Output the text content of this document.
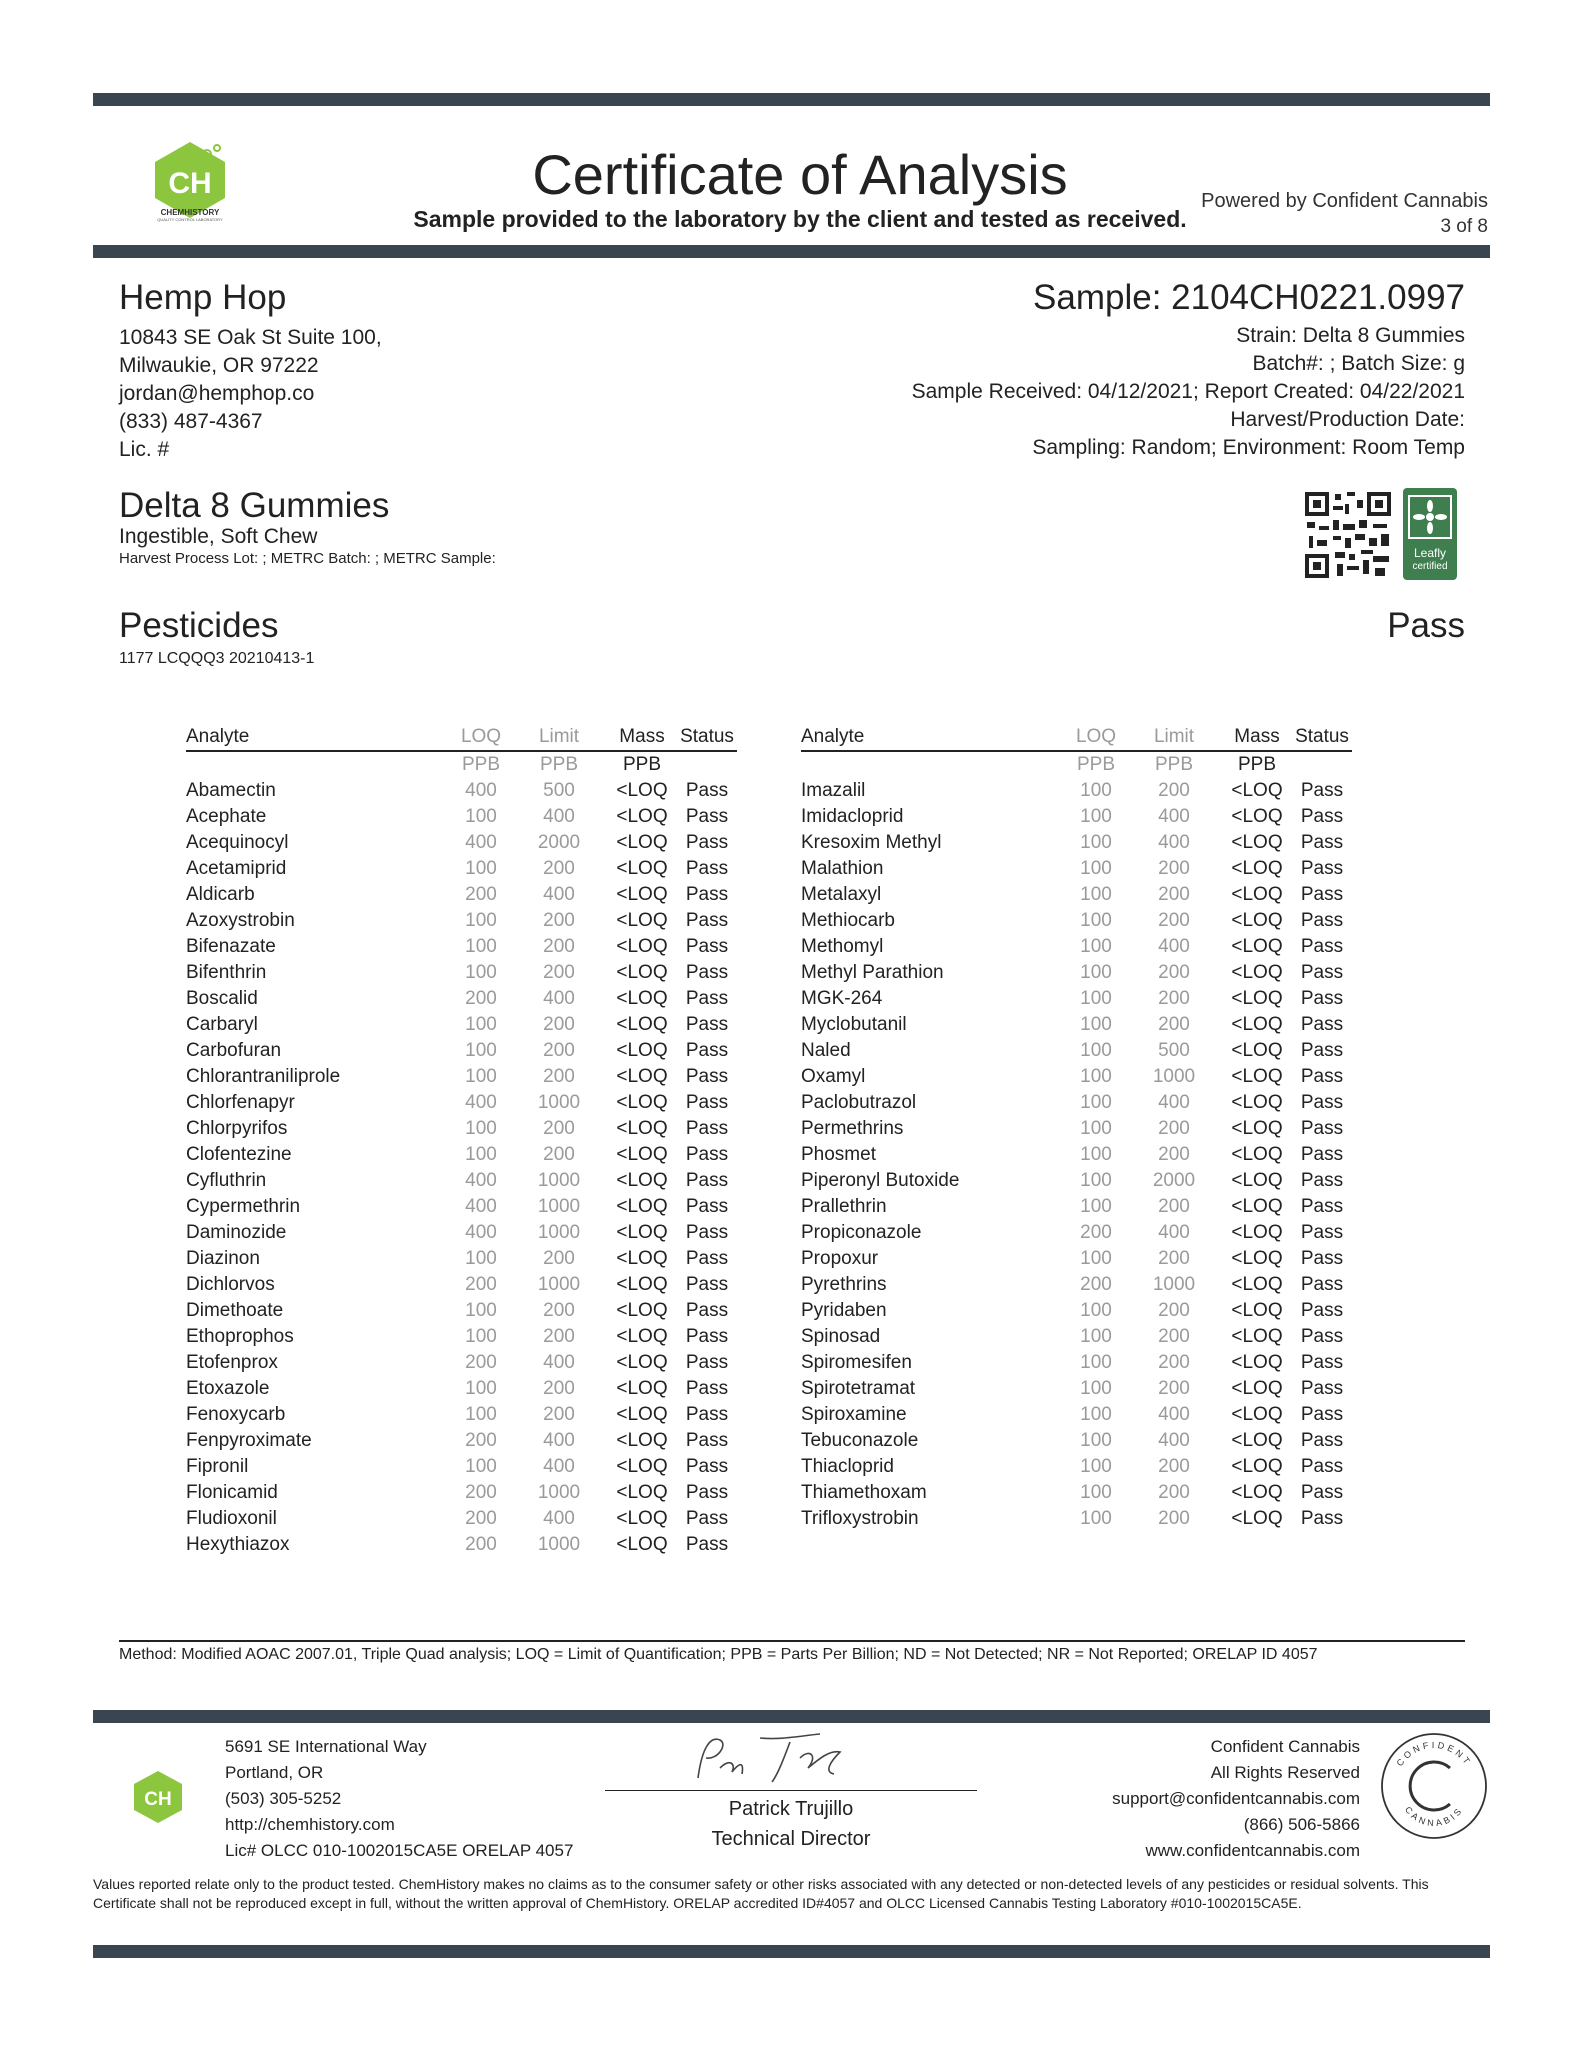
CH
CHEMHISTORY
QUALITY CONTROL LABORATORY
Certificate of Analysis
Sample provided to the laboratory by the client and tested as received.
Powered by Confident Cannabis
3 of 8
Hemp Hop
10843 SE Oak St Suite 100,
Milwaukie, OR 97222
jordan@hemphop.co
(833) 487-4367
Lic. #
Sample: 2104CH0221.0997
Strain: Delta 8 Gummies
Batch#: ; Batch Size: g
Sample Received: 04/12/2021; Report Created: 04/22/2021
Harvest/Production Date:
Sampling: Random; Environment: Room Temp
Delta 8 Gummies
Ingestible, Soft Chew
Harvest Process Lot: ; METRC Batch: ; METRC Sample:	Leafly
certified
Pesticides	Pass
1177 LCQQQ3 20210413-1
Analyte	LOQ	Limit	Mass	Status
	PPB	PPB	PPB	
Abamectin	400	500	<LOQ	Pass
Acephate	100	400	<LOQ	Pass
Acequinocyl	400	2000	<LOQ	Pass
Acetamiprid	100	200	<LOQ	Pass
Aldicarb	200	400	<LOQ	Pass
Azoxystrobin	100	200	<LOQ	Pass
Bifenazate	100	200	<LOQ	Pass
Bifenthrin	100	200	<LOQ	Pass
Boscalid	200	400	<LOQ	Pass
Carbaryl	100	200	<LOQ	Pass
Carbofuran	100	200	<LOQ	Pass
Chlorantraniliprole	100	200	<LOQ	Pass
Chlorfenapyr	400	1000	<LOQ	Pass
Chlorpyrifos	100	200	<LOQ	Pass
Clofentezine	100	200	<LOQ	Pass
Cyfluthrin	400	1000	<LOQ	Pass
Cypermethrin	400	1000	<LOQ	Pass
Daminozide	400	1000	<LOQ	Pass
Diazinon	100	200	<LOQ	Pass
Dichlorvos	200	1000	<LOQ	Pass
Dimethoate	100	200	<LOQ	Pass
Ethoprophos	100	200	<LOQ	Pass
Etofenprox	200	400	<LOQ	Pass
Etoxazole	100	200	<LOQ	Pass
Fenoxycarb	100	200	<LOQ	Pass
Fenpyroximate	200	400	<LOQ	Pass
Fipronil	100	400	<LOQ	Pass
Flonicamid	200	1000	<LOQ	Pass
Fludioxonil	200	400	<LOQ	Pass
Hexythiazox	200	1000	<LOQ	Pass
Analyte	LOQ	Limit	Mass	Status
	PPB	PPB	PPB	
Imazalil	100	200	<LOQ	Pass
Imidacloprid	100	400	<LOQ	Pass
Kresoxim Methyl	100	400	<LOQ	Pass
Malathion	100	200	<LOQ	Pass
Metalaxyl	100	200	<LOQ	Pass
Methiocarb	100	200	<LOQ	Pass
Methomyl	100	400	<LOQ	Pass
Methyl Parathion	100	200	<LOQ	Pass
MGK-264	100	200	<LOQ	Pass
Myclobutanil	100	200	<LOQ	Pass
Naled	100	500	<LOQ	Pass
Oxamyl	100	1000	<LOQ	Pass
Paclobutrazol	100	400	<LOQ	Pass
Permethrins	100	200	<LOQ	Pass
Phosmet	100	200	<LOQ	Pass
Piperonyl Butoxide	100	2000	<LOQ	Pass
Prallethrin	100	200	<LOQ	Pass
Propiconazole	200	400	<LOQ	Pass
Propoxur	100	200	<LOQ	Pass
Pyrethrins	200	1000	<LOQ	Pass
Pyridaben	100	200	<LOQ	Pass
Spinosad	100	200	<LOQ	Pass
Spiromesifen	100	200	<LOQ	Pass
Spirotetramat	100	200	<LOQ	Pass
Spiroxamine	100	400	<LOQ	Pass
Tebuconazole	100	400	<LOQ	Pass
Thiacloprid	100	200	<LOQ	Pass
Thiamethoxam	100	200	<LOQ	Pass
Trifloxystrobin	100	200	<LOQ	Pass
Method: Modified AOAC 2007.01, Triple Quad analysis; LOQ = Limit of Quantification; PPB = Parts Per Billion; ND = Not Detected; NR = Not Reported; ORELAP ID 4057
CH
5691 SE International Way
Portland, OR
(503) 305-5252
http://chemhistory.com
Lic# OLCC 010-1002015CA5E ORELAP 4057
Patrick Trujillo
Technical Director
Confident Cannabis
All Rights Reserved
support@confidentcannabis.com
(866) 506-5866
www.confidentcannabis.com
CONFIDENT
CANNABIS
Values reported relate only to the product tested. ChemHistory makes no claims as to the consumer safety or other risks associated with any detected or non-detected levels of any pesticides or residual solvents. This Certificate shall not be reproduced except in full, without the written approval of ChemHistory. ORELAP accredited ID#4057 and OLCC Licensed Cannabis Testing Laboratory #010-1002015CA5E.
